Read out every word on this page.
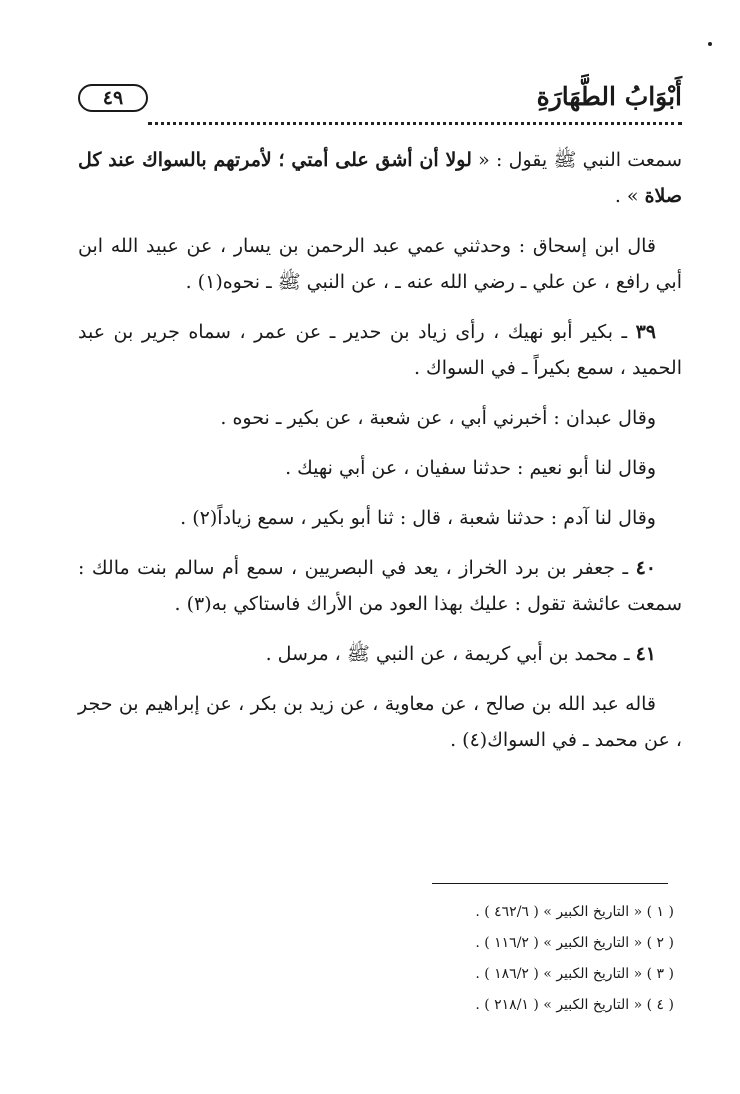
أَبْوَابُ الطَّهَارَةِ
٤٩

سمعت النبي ﷺ يقول : « لولا أن أشق على أمتي ؛ لأمرتهم بالسواك عند كل صلاة » .

قال ابن إسحاق : وحدثني عمي عبد الرحمن بن يسار ، عن عبيد الله ابن أبي رافع ، عن علي ـ رضي الله عنه ـ ، عن النبي ﷺ ـ نحوه(١) .

٣٩ ـ بكير أبو نهيك ، رأى زياد بن حدير ـ عن عمر ، سماه جرير بن عبد الحميد ، سمع بكيراً ـ في السواك .

وقال عبدان : أخبرني أبي ، عن شعبة ، عن بكير ـ نحوه .

وقال لنا أبو نعيم : حدثنا سفيان ، عن أبي نهيك .

وقال لنا آدم : حدثنا شعبة ، قال : ثنا أبو بكير ، سمع زياداً(٢) .

٤٠ ـ جعفر بن برد الخراز ، يعد في البصريين ، سمع أم سالم بنت مالك : سمعت عائشة تقول : عليك بهذا العود من الأراك فاستاكي به(٣) .

٤١ ـ محمد بن أبي كريمة ، عن النبي ﷺ ، مرسل .

قاله عبد الله بن صالح ، عن معاوية ، عن زيد بن بكر ، عن إبراهيم بن حجر ، عن محمد ـ في السواك(٤) .

( ١ ) « التاريخ الكبير » ( ٤٦٢/٦ ) .
( ٢ ) « التاريخ الكبير » ( ١١٦/٢ ) .
( ٣ ) « التاريخ الكبير » ( ١٨٦/٢ ) .
( ٤ ) « التاريخ الكبير » ( ٢١٨/١ ) .
